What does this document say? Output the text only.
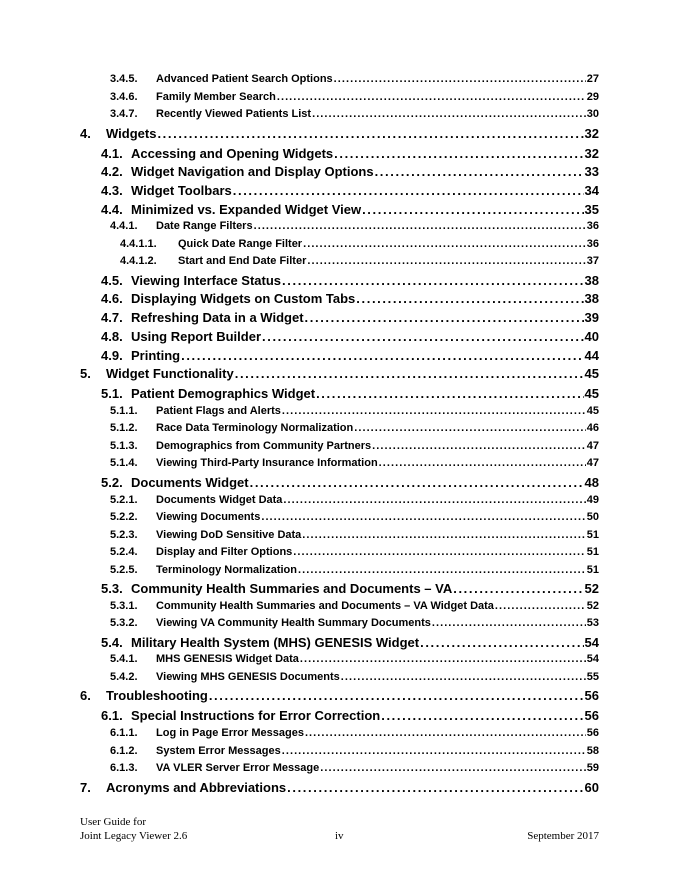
3.4.5.	Advanced Patient Search Options . . .	27
3.4.6.	Family Member Search . . .	29
3.4.7.	Recently Viewed Patients List . . .	30
4.	Widgets . . .	32
4.1. Accessing and Opening Widgets . . .	32
4.2. Widget Navigation and Display Options . . .	33
4.3. Widget Toolbars . . .	34
4.4. Minimized vs. Expanded Widget View . . .	35
4.4.1.	Date Range Filters . . .	36
4.4.1.1.	Quick Date Range Filter . . .	36
4.4.1.2.	Start and End Date Filter . . .	37
4.5. Viewing Interface Status . . .	38
4.6. Displaying Widgets on Custom Tabs . . .	38
4.7. Refreshing Data in a Widget . . .	39
4.8. Using Report Builder . . .	40
4.9. Printing . . .	44
5.	Widget Functionality . . .	45
5.1. Patient Demographics Widget . . .	45
5.1.1.	Patient Flags and Alerts . . .	45
5.1.2.	Race Data Terminology Normalization . . .	46
5.1.3.	Demographics from Community Partners . . .	47
5.1.4.	Viewing Third-Party Insurance Information . . .	47
5.2. Documents Widget . . .	48
5.2.1.	Documents Widget Data . . .	49
5.2.2.	Viewing Documents . . .	50
5.2.3.	Viewing DoD Sensitive Data . . .	51
5.2.4.	Display and Filter Options . . .	51
5.2.5.	Terminology Normalization . . .	51
5.3. Community Health Summaries and Documents – VA . . .	52
5.3.1.	Community Health Summaries and Documents – VA Widget Data . . .	52
5.3.2.	Viewing VA Community Health Summary Documents . . .	53
5.4. Military Health System (MHS) GENESIS Widget . . .	54
5.4.1.	MHS GENESIS Widget Data . . .	54
5.4.2.	Viewing MHS GENESIS Documents . . .	55
6.	Troubleshooting . . .	56
6.1. Special Instructions for Error Correction . . .	56
6.1.1.	Log in Page Error Messages . . .	56
6.1.2.	System Error Messages . . .	58
6.1.3.	VA VLER Server Error Message . . .	59
7.	Acronyms and Abbreviations . . .	60
User Guide for
Joint Legacy Viewer 2.6	iv	September 2017
